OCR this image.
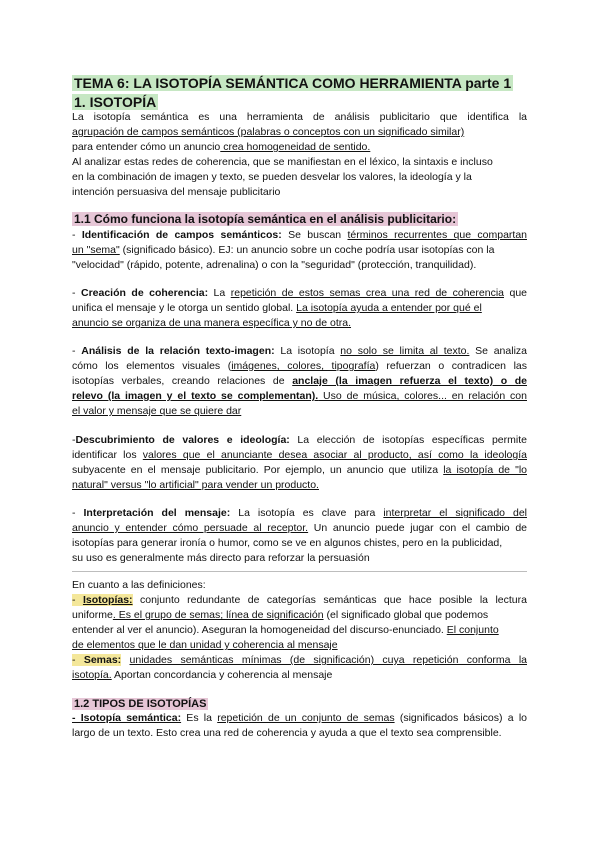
TEMA 6: LA ISOTOPÍA SEMÁNTICA COMO HERRAMIENTA parte 1
1. ISOTOPÍA
La isotopía semántica es una herramienta de análisis publicitario que identifica la
agrupación de campos semánticos (palabras o conceptos con un significado similar)
para entender cómo un anuncio crea homogeneidad de sentido.
Al analizar estas redes de coherencia, que se manifiestan en el léxico, la sintaxis e incluso
en la combinación de imagen y texto, se pueden desvelar los valores, la ideología y la
intención persuasiva del mensaje publicitario
1.1 Cómo funciona la isotopía semántica en el análisis publicitario:
- Identificación de campos semánticos: Se buscan términos recurrentes que compartan
un "sema" (significado básico). EJ: un anuncio sobre un coche podría usar isotopías con la
"velocidad" (rápido, potente, adrenalina) o con la "seguridad" (protección, tranquilidad).
- Creación de coherencia: La repetición de estos semas crea una red de coherencia que
unifica el mensaje y le otorga un sentido global. La isotopía ayuda a entender por qué el
anuncio se organiza de una manera específica y no de otra.
- Análisis de la relación texto-imagen: La isotopía no solo se limita al texto. Se analiza
cómo los elementos visuales (imágenes, colores, tipografía) refuerzan o contradicen las
isotopías verbales, creando relaciones de anclaje (la imagen refuerza el texto) o de
relevo (la imagen y el texto se complementan). Uso de música, colores... en relación con
el valor y mensaje que se quiere dar
-Descubrimiento de valores e ideología: La elección de isotopías específicas permite
identificar los valores que el anunciante desea asociar al producto, así como la ideología
subyacente en el mensaje publicitario. Por ejemplo, un anuncio que utiliza la isotopía de "lo
natural" versus "lo artificial" para vender un producto.
- Interpretación del mensaje: La isotopía es clave para interpretar el significado del
anuncio y entender cómo persuade al receptor. Un anuncio puede jugar con el cambio de
isotopías para generar ironía o humor, como se ve en algunos chistes, pero en la publicidad,
su uso es generalmente más directo para reforzar la persuasión
En cuanto a las definiciones:
- Isotopías: conjunto redundante de categorías semánticas que hace posible la lectura
uniforme. Es el grupo de semas; línea de significación (el significado global que podemos
entender al ver el anuncio). Aseguran la homogeneidad del discurso-enunciado. El conjunto
de elementos que le dan unidad y coherencia al mensaje
- Semas: unidades semánticas mínimas (de significación) cuya repetición conforma la
isotopía. Aportan concordancia y coherencia al mensaje
1.2 TIPOS DE ISOTOPÍAS
- Isotopía semántica: Es la repetición de un conjunto de semas (significados básicos) a lo
largo de un texto. Esto crea una red de coherencia y ayuda a que el texto sea comprensible.
